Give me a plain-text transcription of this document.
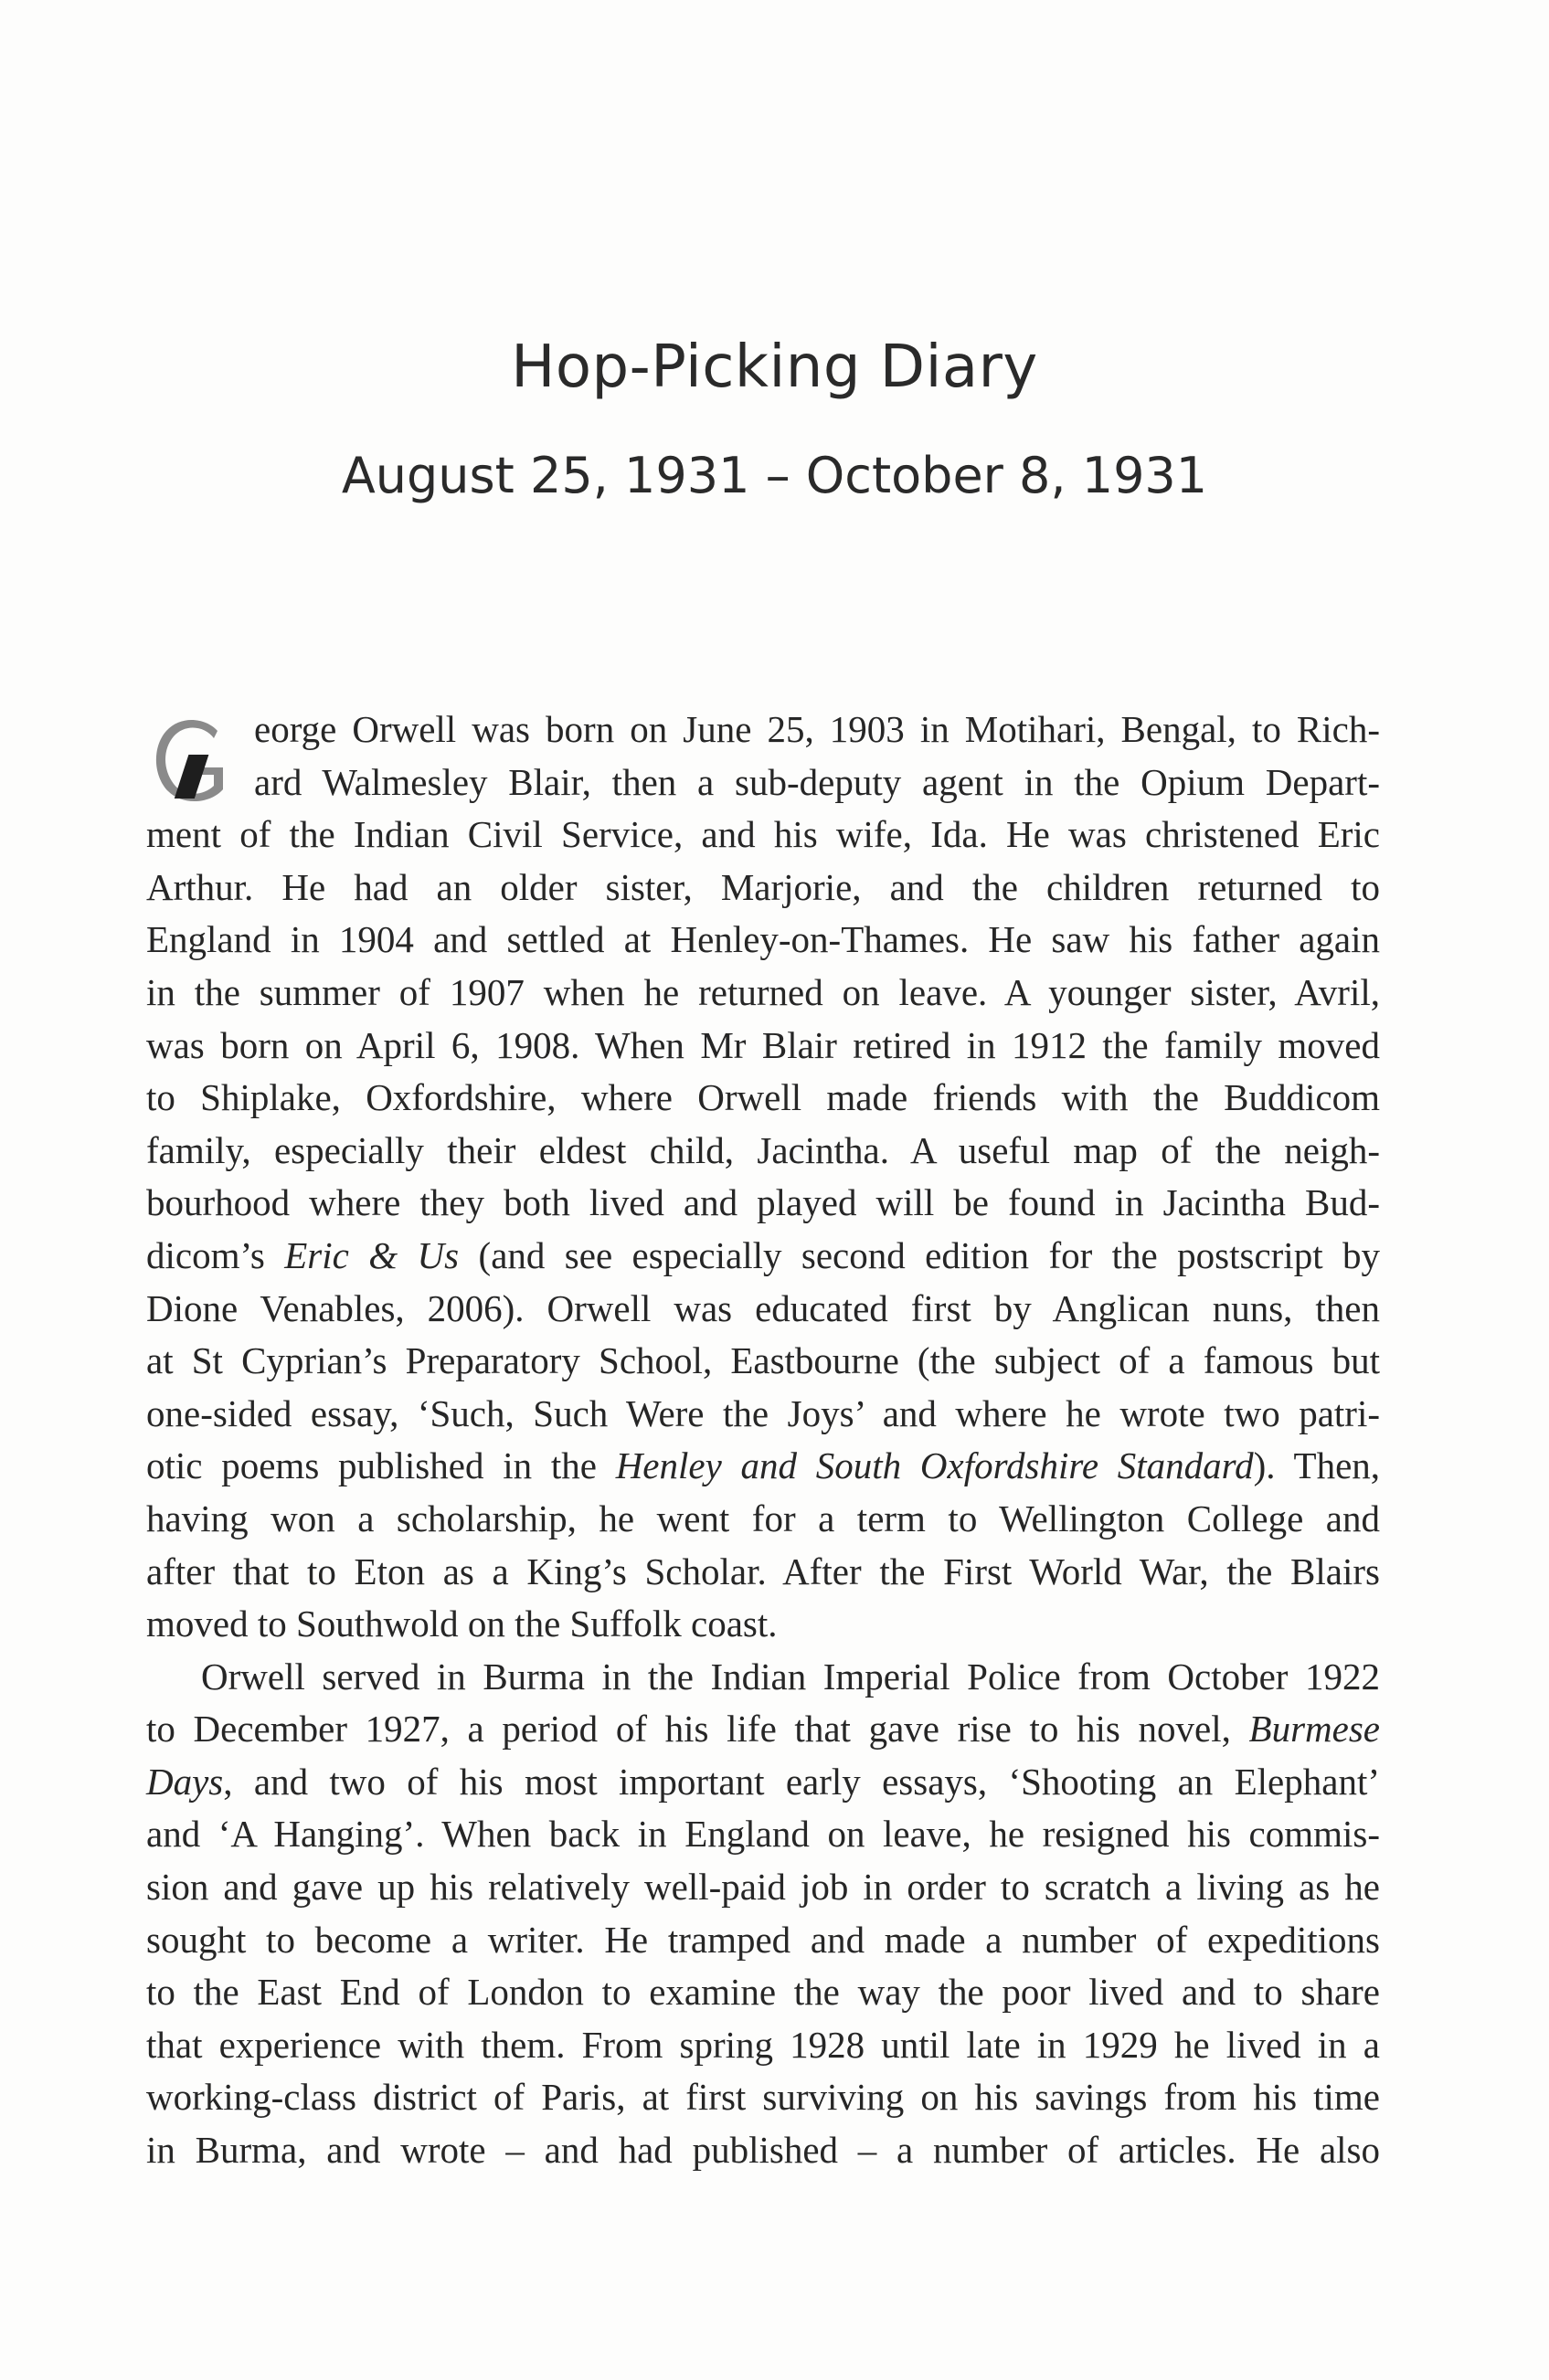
Hop-Picking Diary
August 25, 1931 – October 8, 1931
eorge Orwell was born on June 25, 1903 in Motihari, Bengal, to Rich-
ard Walmesley Blair, then a sub-deputy agent in the Opium Depart-
ment of the Indian Civil Service, and his wife, Ida. He was christened Eric
Arthur. He had an older sister, Marjorie, and the children returned to
England in 1904 and settled at Henley-on-Thames. He saw his father again
in the summer of 1907 when he returned on leave. A younger sister, Avril,
was born on April 6, 1908. When Mr Blair retired in 1912 the family moved
to Shiplake, Oxfordshire, where Orwell made friends with the Buddicom
family, especially their eldest child, Jacintha. A useful map of the neigh-
bourhood where they both lived and played will be found in Jacintha Bud-
dicom’s Eric & Us (and see especially second edition for the postscript by
Dione Venables, 2006). Orwell was educated first by Anglican nuns, then
at St Cyprian’s Preparatory School, Eastbourne (the subject of a famous but
one-sided essay, ‘Such, Such Were the Joys’ and where he wrote two patri-
otic poems published in the Henley and South Oxfordshire Standard). Then,
having won a scholarship, he went for a term to Wellington College and
after that to Eton as a King’s Scholar. After the First World War, the Blairs
moved to Southwold on the Suffolk coast.
Orwell served in Burma in the Indian Imperial Police from October 1922
to December 1927, a period of his life that gave rise to his novel, Burmese
Days, and two of his most important early essays, ‘Shooting an Elephant’
and ‘A Hanging’. When back in England on leave, he resigned his commis-
sion and gave up his relatively well-paid job in order to scratch a living as he
sought to become a writer. He tramped and made a number of expeditions
to the East End of London to examine the way the poor lived and to share
that experience with them. From spring 1928 until late in 1929 he lived in a
working-class district of Paris, at first surviving on his savings from his time
in Burma, and wrote – and had published – a number of articles. He also
